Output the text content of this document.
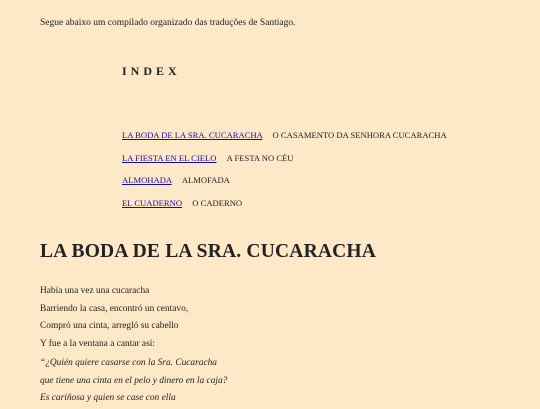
Segue abaixo um compilado organizado das traduções de Santiago.

INDEX
LA BODA DE LA SRA. CUCARACHA O CASAMENTO DA SENHORA CUCARACHA
LA FIESTA EN EL CIELO A FESTA NO CÉU
ALMOHADA ALMOFADA
EL CUADERNO O CADERNO
LA BODA DE LA SRA. CUCARACHA

Había una vez una cucaracha

Barriendo la casa, encontró un centavo,

Compró una cinta, arregló su cabello

Y fue a la ventana a cantar así:

“¿Quién quiere casarse con la Sra. Cucaracha

que tiene una cinta en el pelo y dinero en la caja?

Es cariñosa y quien se case con ella
